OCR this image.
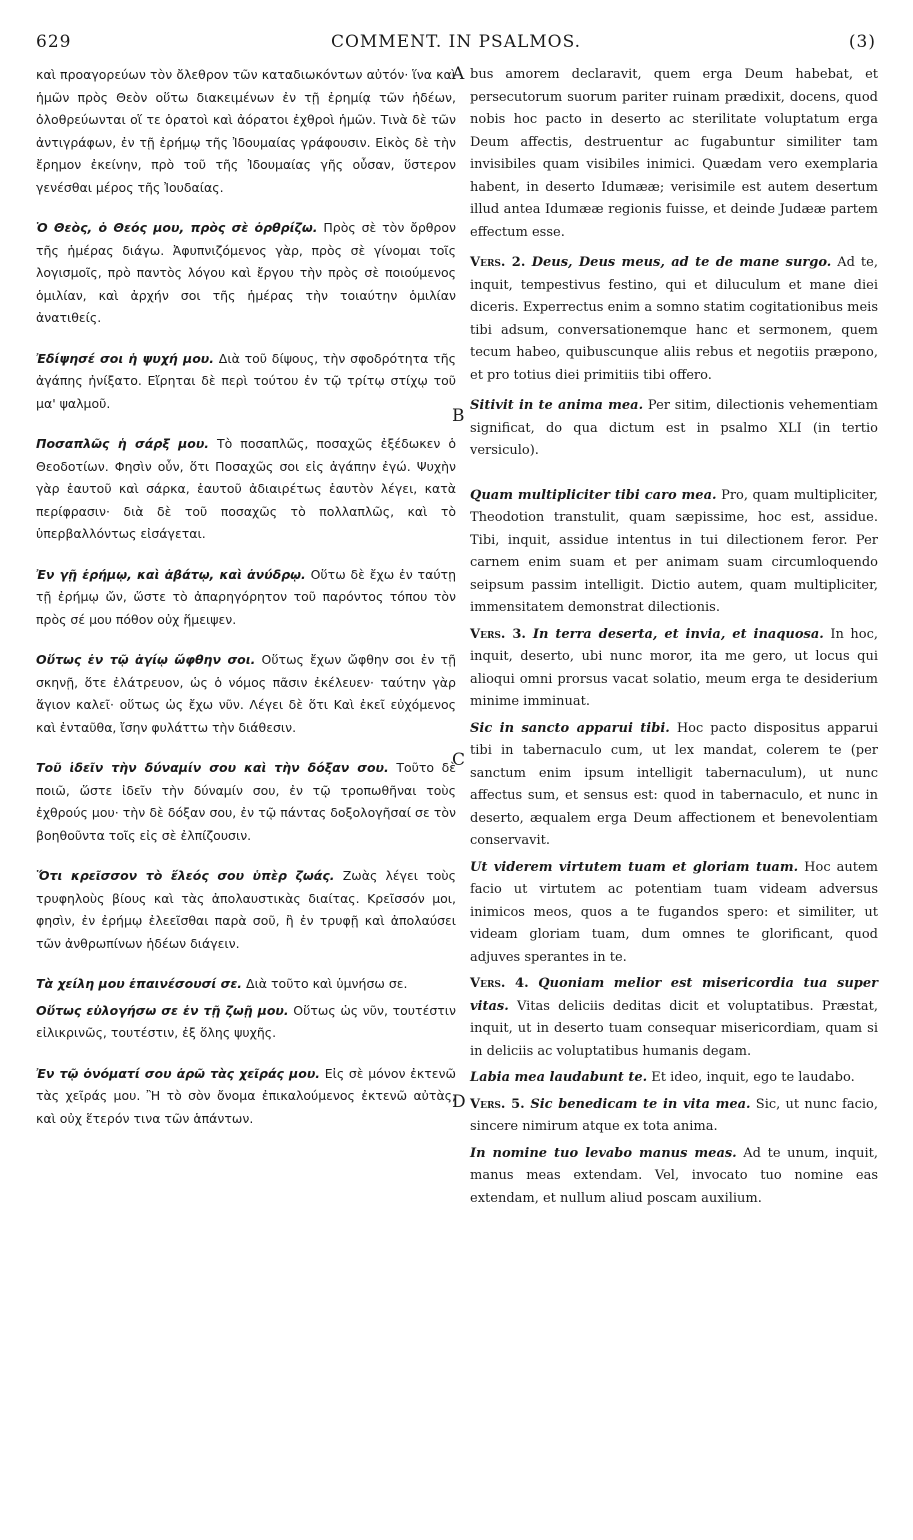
629	COMMENT. IN PSALMOS.	(3)
A
B
C
D

καὶ προαγορεύων τὸν ὄλεθρον τῶν καταδιωκόντων αὐτόν· ἵνα καὶ ἡμῶν πρὸς Θεὸν οὕτω διακειμένων ἐν τῇ ἐρημίᾳ τῶν ἡδέων, ὀλοθρεύωνται οἵ τε ὁρατοὶ καὶ ἀόρατοι ἐχθροὶ ἡμῶν. Τινὰ δὲ τῶν ἀντιγράφων, ἐν τῇ ἐρήμῳ τῆς Ἰδουμαίας γράφουσιν. Εἰκὸς δὲ τὴν ἔρημον ἐκείνην, πρὸ τοῦ τῆς Ἰδουμαίας γῆς οὖσαν, ὕστερον γενέσθαι μέρος τῆς Ἰουδαίας.

Ὁ Θεὸς, ὁ Θεός μου, πρὸς σὲ ὀρθρίζω. Πρὸς σὲ τὸν ὄρθρον τῆς ἡμέρας διάγω. Ἀφυπνιζόμενος γὰρ, πρὸς σὲ γίνομαι τοῖς λογισμοῖς, πρὸ παντὸς λόγου καὶ ἔργου τὴν πρὸς σὲ ποιούμενος ὁμιλίαν, καὶ ἀρχήν σοι τῆς ἡμέρας τὴν τοιαύτην ὁμιλίαν ἀνατιθείς.

Ἐδίψησέ σοι ἡ ψυχή μου. Διὰ τοῦ δίψους, τὴν σφοδρότητα τῆς ἀγάπης ἠνίξατο. Εἴρηται δὲ περὶ τούτου ἐν τῷ τρίτῳ στίχῳ τοῦ μα' ψαλμοῦ.

Ποσαπλῶς ἡ σάρξ μου. Τὸ ποσαπλῶς, ποσαχῶς ἐξέδωκεν ὁ Θεοδοτίων. Φησὶν οὖν, ὅτι Ποσαχῶς σοι εἰς ἀγάπην ἐγώ. Ψυχὴν γὰρ ἑαυτοῦ καὶ σάρκα, ἑαυτοῦ ἀδιαιρέτως ἑαυτὸν λέγει, κατὰ περίφρασιν· διὰ δὲ τοῦ ποσαχῶς τὸ πολλαπλῶς, καὶ τὸ ὑπερβαλλόντως εἰσάγεται.

Ἐν γῇ ἐρήμῳ, καὶ ἀβάτῳ, καὶ ἀνύδρῳ. Οὕτω δὲ ἔχω ἐν ταύτῃ τῇ ἐρήμῳ ὤν, ὥστε τὸ ἀπαρηγόρητον τοῦ παρόντος τόπου τὸν πρὸς σέ μου πόθον οὐχ ἥμειψεν.

Οὕτως ἐν τῷ ἁγίῳ ὤφθην σοι. Οὕτως ἔχων ὤφθην σοι ἐν τῇ σκηνῇ, ὅτε ἐλάτρευον, ὡς ὁ νόμος πᾶσιν ἐκέλευεν· ταύτην γὰρ ἅγιον καλεῖ· οὕτως ὡς ἔχω νῦν. Λέγει δὲ ὅτι Καὶ ἐκεῖ εὐχόμενος καὶ ἐνταῦθα, ἴσην φυλάττω τὴν διάθεσιν.

Τοῦ ἰδεῖν τὴν δύναμίν σου καὶ τὴν δόξαν σου. Τοῦτο δὲ ποιῶ, ὥστε ἰδεῖν τὴν δύναμίν σου, ἐν τῷ τροπωθῆναι τοὺς ἐχθρούς μου· τὴν δὲ δόξαν σου, ἐν τῷ πάντας δοξολογῆσαί σε τὸν βοηθοῦντα τοῖς εἰς σὲ ἐλπίζουσιν.

Ὅτι κρεῖσσον τὸ ἔλεός σου ὑπὲρ ζωάς. Ζωὰς λέγει τοὺς τρυφηλοὺς βίους καὶ τὰς ἀπολαυστικὰς διαίτας. Κρεῖσσόν μοι, φησὶν, ἐν ἐρήμῳ ἐλεεῖσθαι παρὰ σοῦ, ἢ ἐν τρυφῇ καὶ ἀπολαύσει τῶν ἀνθρωπίνων ἡδέων διάγειν.

Τὰ χείλη μου ἐπαινέσουσί σε. Διὰ τοῦτο καὶ ὑμνήσω σε.

Οὕτως εὐλογήσω σε ἐν τῇ ζωῇ μου. Οὕτως ὡς νῦν, τουτέστιν εἰλικρινῶς, τουτέστιν, ἐξ ὅλης ψυχῆς.

Ἐν τῷ ὀνόματί σου ἀρῶ τὰς χεῖράς μου. Εἰς σὲ μόνον ἐκτενῶ τὰς χεῖράς μου. Ἢ τὸ σὸν ὄνομα ἐπικαλούμενος ἐκτενῶ αὐτὰς, καὶ οὐχ ἕτερόν τινα τῶν ἁπάντων.

bus amorem declaravit, quem erga Deum habebat, et persecutorum suorum pariter ruinam prædixit, docens, quod nobis hoc pacto in deserto ac sterilitate voluptatum erga Deum affectis, destruentur ac fugabuntur similiter tam invisibiles quam visibiles inimici. Quædam vero exemplaria habent, in deserto Idumææ; verisimile est autem desertum illud antea Idumææ regionis fuisse, et deinde Judææ partem effectum esse.

Vers. 2. Deus, Deus meus, ad te de mane surgo. Ad te, inquit, tempestivus festino, qui et diluculum et mane diei diceris. Experrectus enim a somno statim cogitationibus meis tibi adsum, conversationemque hanc et sermonem, quem tecum habeo, quibuscunque aliis rebus et negotiis præpono, et pro totius diei primitiis tibi offero.

Sitivit in te anima mea. Per sitim, dilectionis vehementiam significat, do qua dictum est in psalmo XLI (in tertio versiculo).

Quam multipliciter tibi caro mea. Pro, quam multipliciter, Theodotion transtulit, quam sæpissime, hoc est, assidue. Tibi, inquit, assidue intentus in tui dilectionem feror. Per carnem enim suam et per animam suam circumloquendo seipsum passim intelligit. Dictio autem, quam multipliciter, immensitatem demonstrat dilectionis.

Vers. 3. In terra deserta, et invia, et inaquosa. In hoc, inquit, deserto, ubi nunc moror, ita me gero, ut locus qui alioqui omni prorsus vacat solatio, meum erga te desiderium minime imminuat.

Sic in sancto apparui tibi. Hoc pacto dispositus apparui tibi in tabernaculo cum, ut lex mandat, colerem te (per sanctum enim ipsum intelligit tabernaculum), ut nunc affectus sum, et sensus est: quod in tabernaculo, et nunc in deserto, æqualem erga Deum affectionem et benevolentiam conservavit.

Ut viderem virtutem tuam et gloriam tuam. Hoc autem facio ut virtutem ac potentiam tuam videam adversus inimicos meos, quos a te fugandos spero: et similiter, ut videam gloriam tuam, dum omnes te glorificant, quod adjuves sperantes in te.

Vers. 4. Quoniam melior est misericordia tua super vitas. Vitas deliciis deditas dicit et voluptatibus. Præstat, inquit, ut in deserto tuam consequar misericordiam, quam si in deliciis ac voluptatibus humanis degam.

Labia mea laudabunt te. Et ideo, inquit, ego te laudabo.

Vers. 5. Sic benedicam te in vita mea. Sic, ut nunc facio, sincere nimirum atque ex tota anima.

In nomine tuo levabo manus meas. Ad te unum, inquit, manus meas extendam. Vel, invocato tuo nomine eas extendam, et nullum aliud poscam auxilium.
